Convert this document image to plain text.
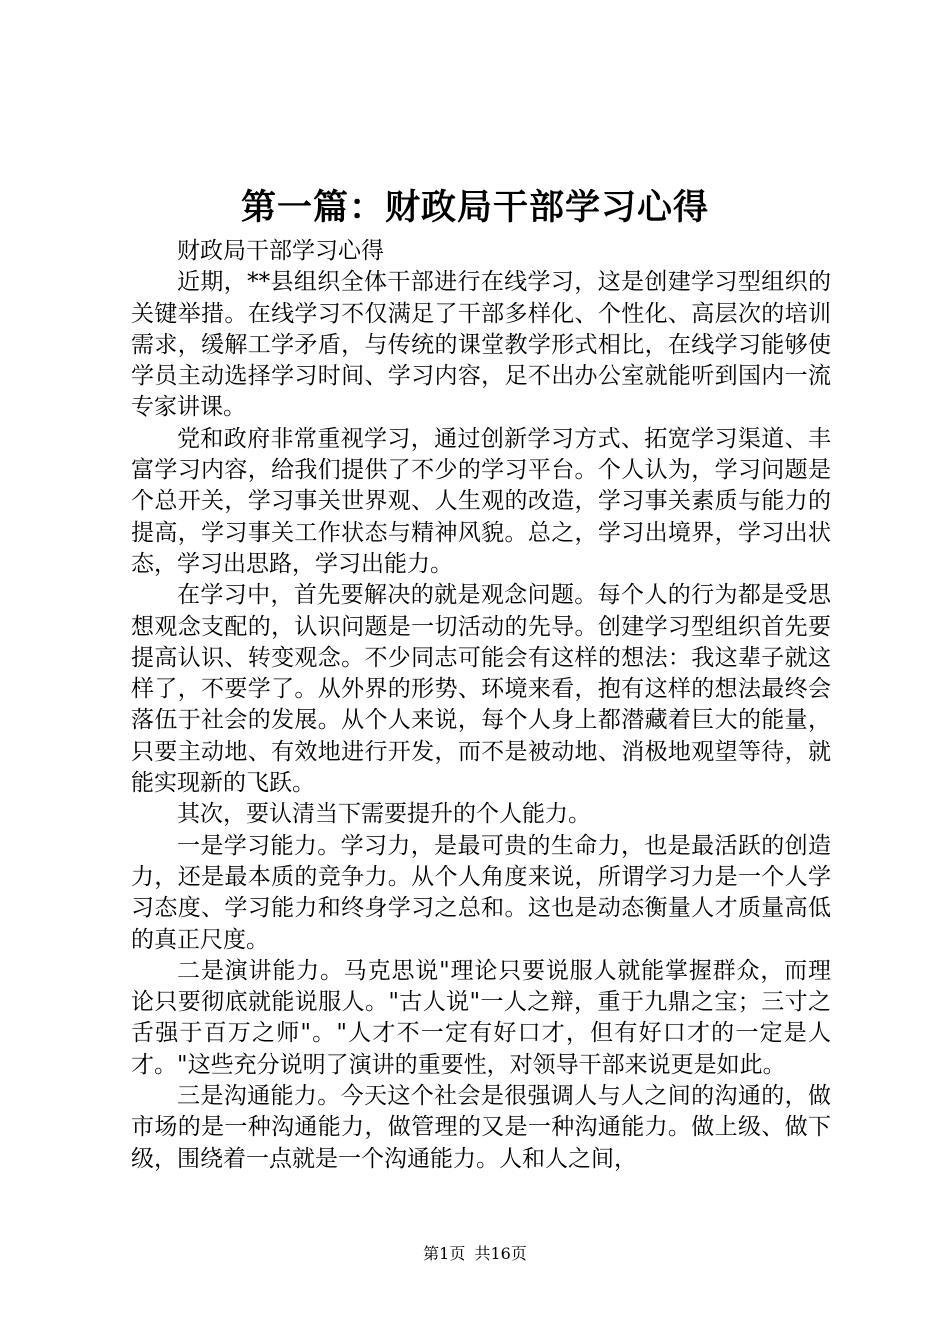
第一篇：财政局干部学习心得

财政局干部学习心得

近期，**县组织全体干部进行在线学习，这是创建学习型组织的关键举措。在线学习不仅满足了干部多样化、个性化、高层次的培训需求，缓解工学矛盾，与传统的课堂教学形式相比，在线学习能够使学员主动选择学习时间、学习内容，足不出办公室就能听到国内一流专家讲课。

党和政府非常重视学习，通过创新学习方式、拓宽学习渠道、丰富学习内容，给我们提供了不少的学习平台。个人认为，学习问题是个总开关，学习事关世界观、人生观的改造，学习事关素质与能力的提高，学习事关工作状态与精神风貌。总之，学习出境界，学习出状态，学习出思路，学习出能力。

在学习中，首先要解决的就是观念问题。每个人的行为都是受思想观念支配的，认识问题是一切活动的先导。创建学习型组织首先要提高认识、转变观念。不少同志可能会有这样的想法：我这辈子就这样了，不要学了。从外界的形势、环境来看，抱有这样的想法最终会落伍于社会的发展。从个人来说，每个人身上都潜藏着巨大的能量，只要主动地、有效地进行开发，而不是被动地、消极地观望等待，就能实现新的飞跃。

其次，要认清当下需要提升的个人能力。

一是学习能力。学习力，是最可贵的生命力，也是最活跃的创造力，还是最本质的竞争力。从个人角度来说，所谓学习力是一个人学习态度、学习能力和终身学习之总和。这也是动态衡量人才质量高低的真正尺度。

二是演讲能力。马克思说"理论只要说服人就能掌握群众，而理论只要彻底就能说服人。"古人说"一人之辩，重于九鼎之宝；三寸之舌强于百万之师"。"人才不一定有好口才，但有好口才的一定是人才。"这些充分说明了演讲的重要性，对领导干部来说更是如此。

三是沟通能力。今天这个社会是很强调人与人之间的沟通的，做市场的是一种沟通能力，做管理的又是一种沟通能力。做上级、做下级，围绕着一点就是一个沟通能力。人和人之间，

第1页 共16页
